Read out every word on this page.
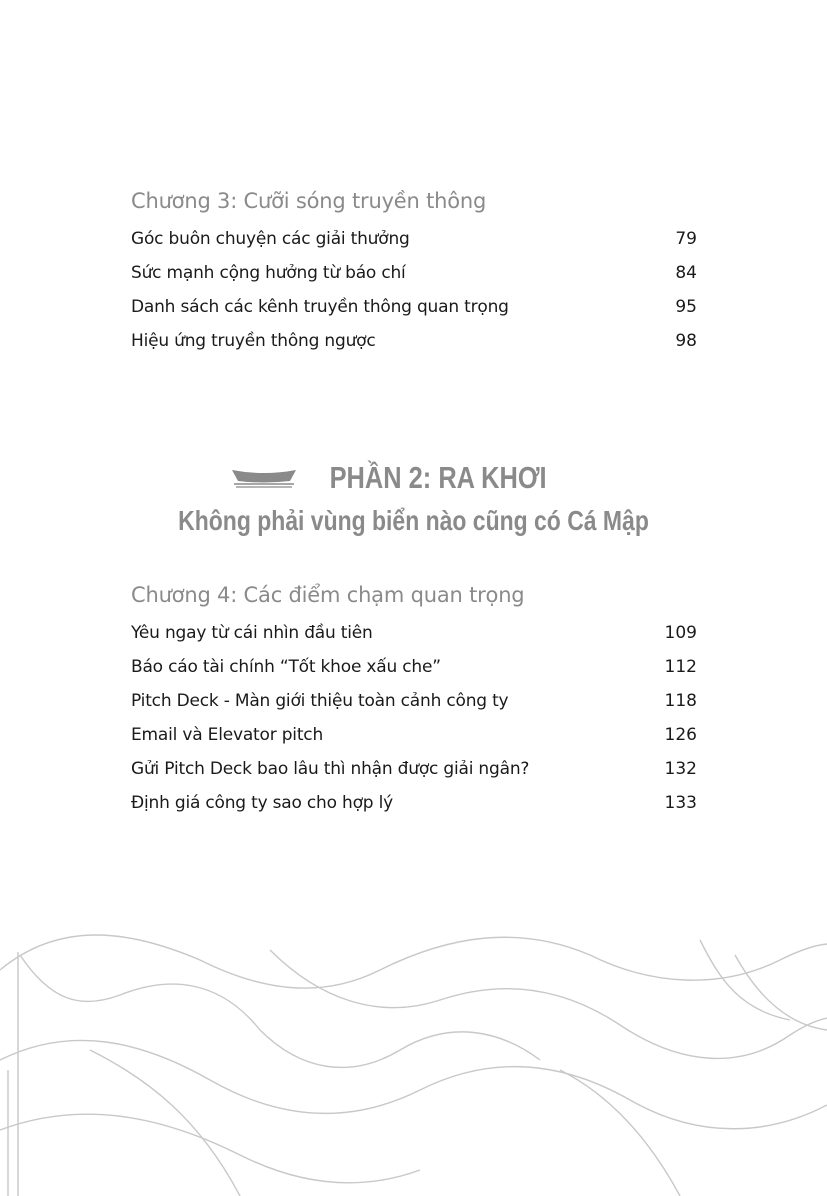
Chương 3: Cưỡi sóng truyền thông
Góc buôn chuyện các giải thưởng	79
Sức mạnh cộng hưởng từ báo chí	84
Danh sách các kênh truyền thông quan trọng	95
Hiệu ứng truyền thông ngược	98
PHẦN 2: RA KHƠI
Không phải vùng biển nào cũng có Cá Mập
Chương 4: Các điểm chạm quan trọng
Yêu ngay từ cái nhìn đầu tiên	109
Báo cáo tài chính “Tốt khoe xấu che”	112
Pitch Deck - Màn giới thiệu toàn cảnh công ty	118
Email và Elevator pitch	126
Gửi Pitch Deck bao lâu thì nhận được giải ngân?	132
Định giá công ty sao cho hợp lý	133
